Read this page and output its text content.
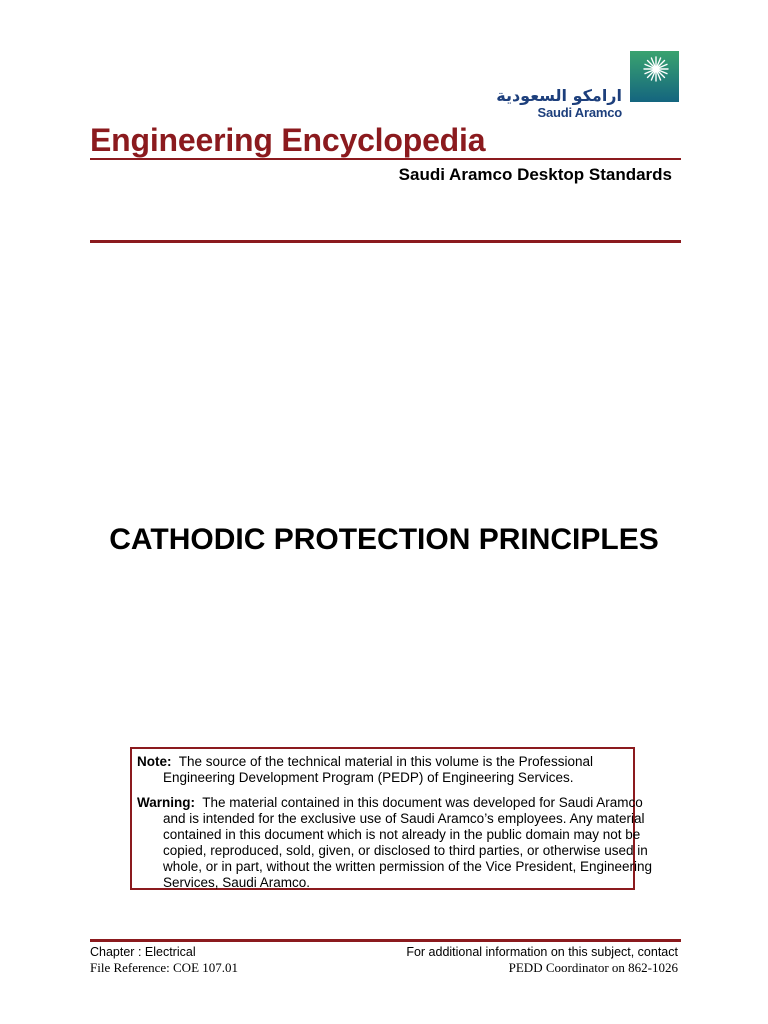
ارامكو السعودية
Saudi Aramco
Engineering Encyclopedia
Saudi Aramco Desktop Standards
CATHODIC PROTECTION PRINCIPLES
Note: The source of the technical material in this volume is the Professional Engineering Development Program (PEDP) of Engineering Services.
Warning: The material contained in this document was developed for Saudi Aramco and is intended for the exclusive use of Saudi Aramco’s employees. Any material contained in this document which is not already in the public domain may not be copied, reproduced, sold, given, or disclosed to third parties, or otherwise used in whole, or in part, without the written permission of the Vice President, Engineering Services, Saudi Aramco.
Chapter : Electrical
File Reference: COE 107.01
For additional information on this subject, contact
PEDD Coordinator on 862-1026
